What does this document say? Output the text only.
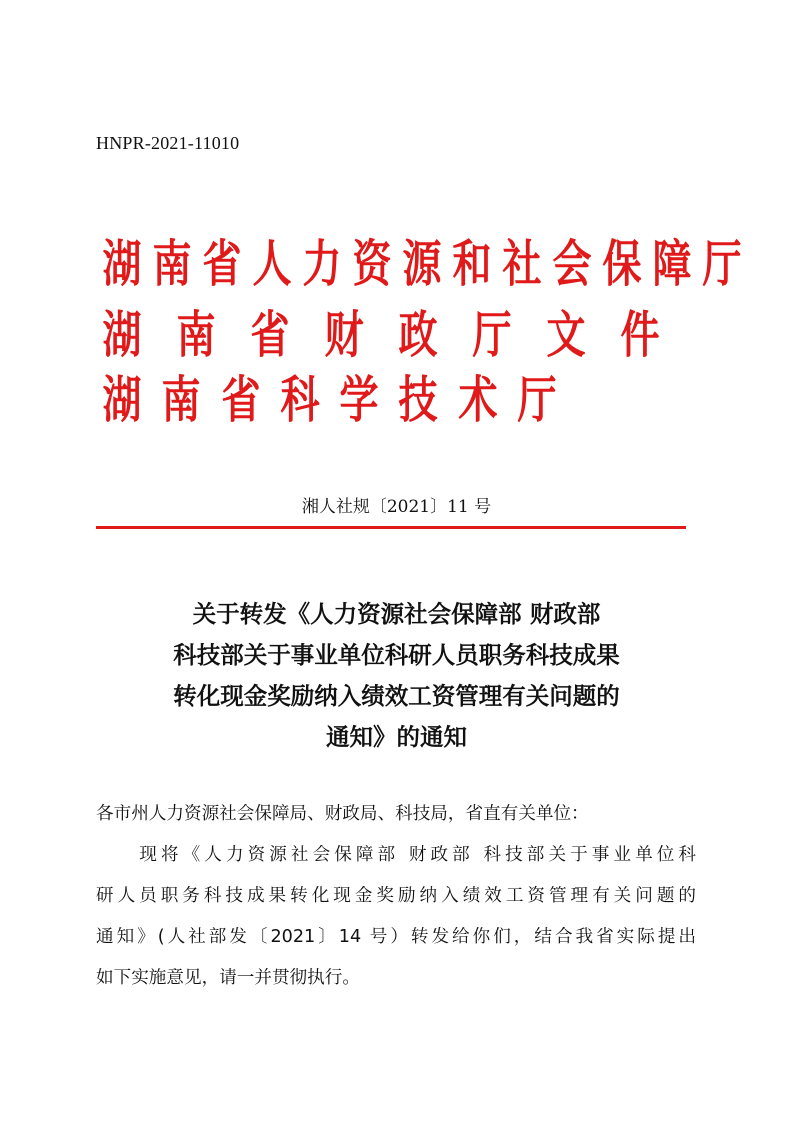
HNPR-2021-11010
湖 南 省 人 力 资 源 和 社 会 保 障 厅
湖 南 省 财 政 厅 文 件
湖 南 省 科 学 技 术 厅
湘人社规〔2021〕11 号
关于转发《人力资源社会保障部 财政部
科技部关于事业单位科研人员职务科技成果
转化现金奖励纳入绩效工资管理有关问题的
通知》的通知
各市州人力资源社会保障局、财政局、科技局，省直有关单位：
　　现将《人力资源社会保障部 财政部 科技部关于事业单位科
研人员职务科技成果转化现金奖励纳入绩效工资管理有关问题的
通知》(人社部发〔2021〕14 号）转发给你们，结合我省实际提出
如下实施意见，请一并贯彻执行。
